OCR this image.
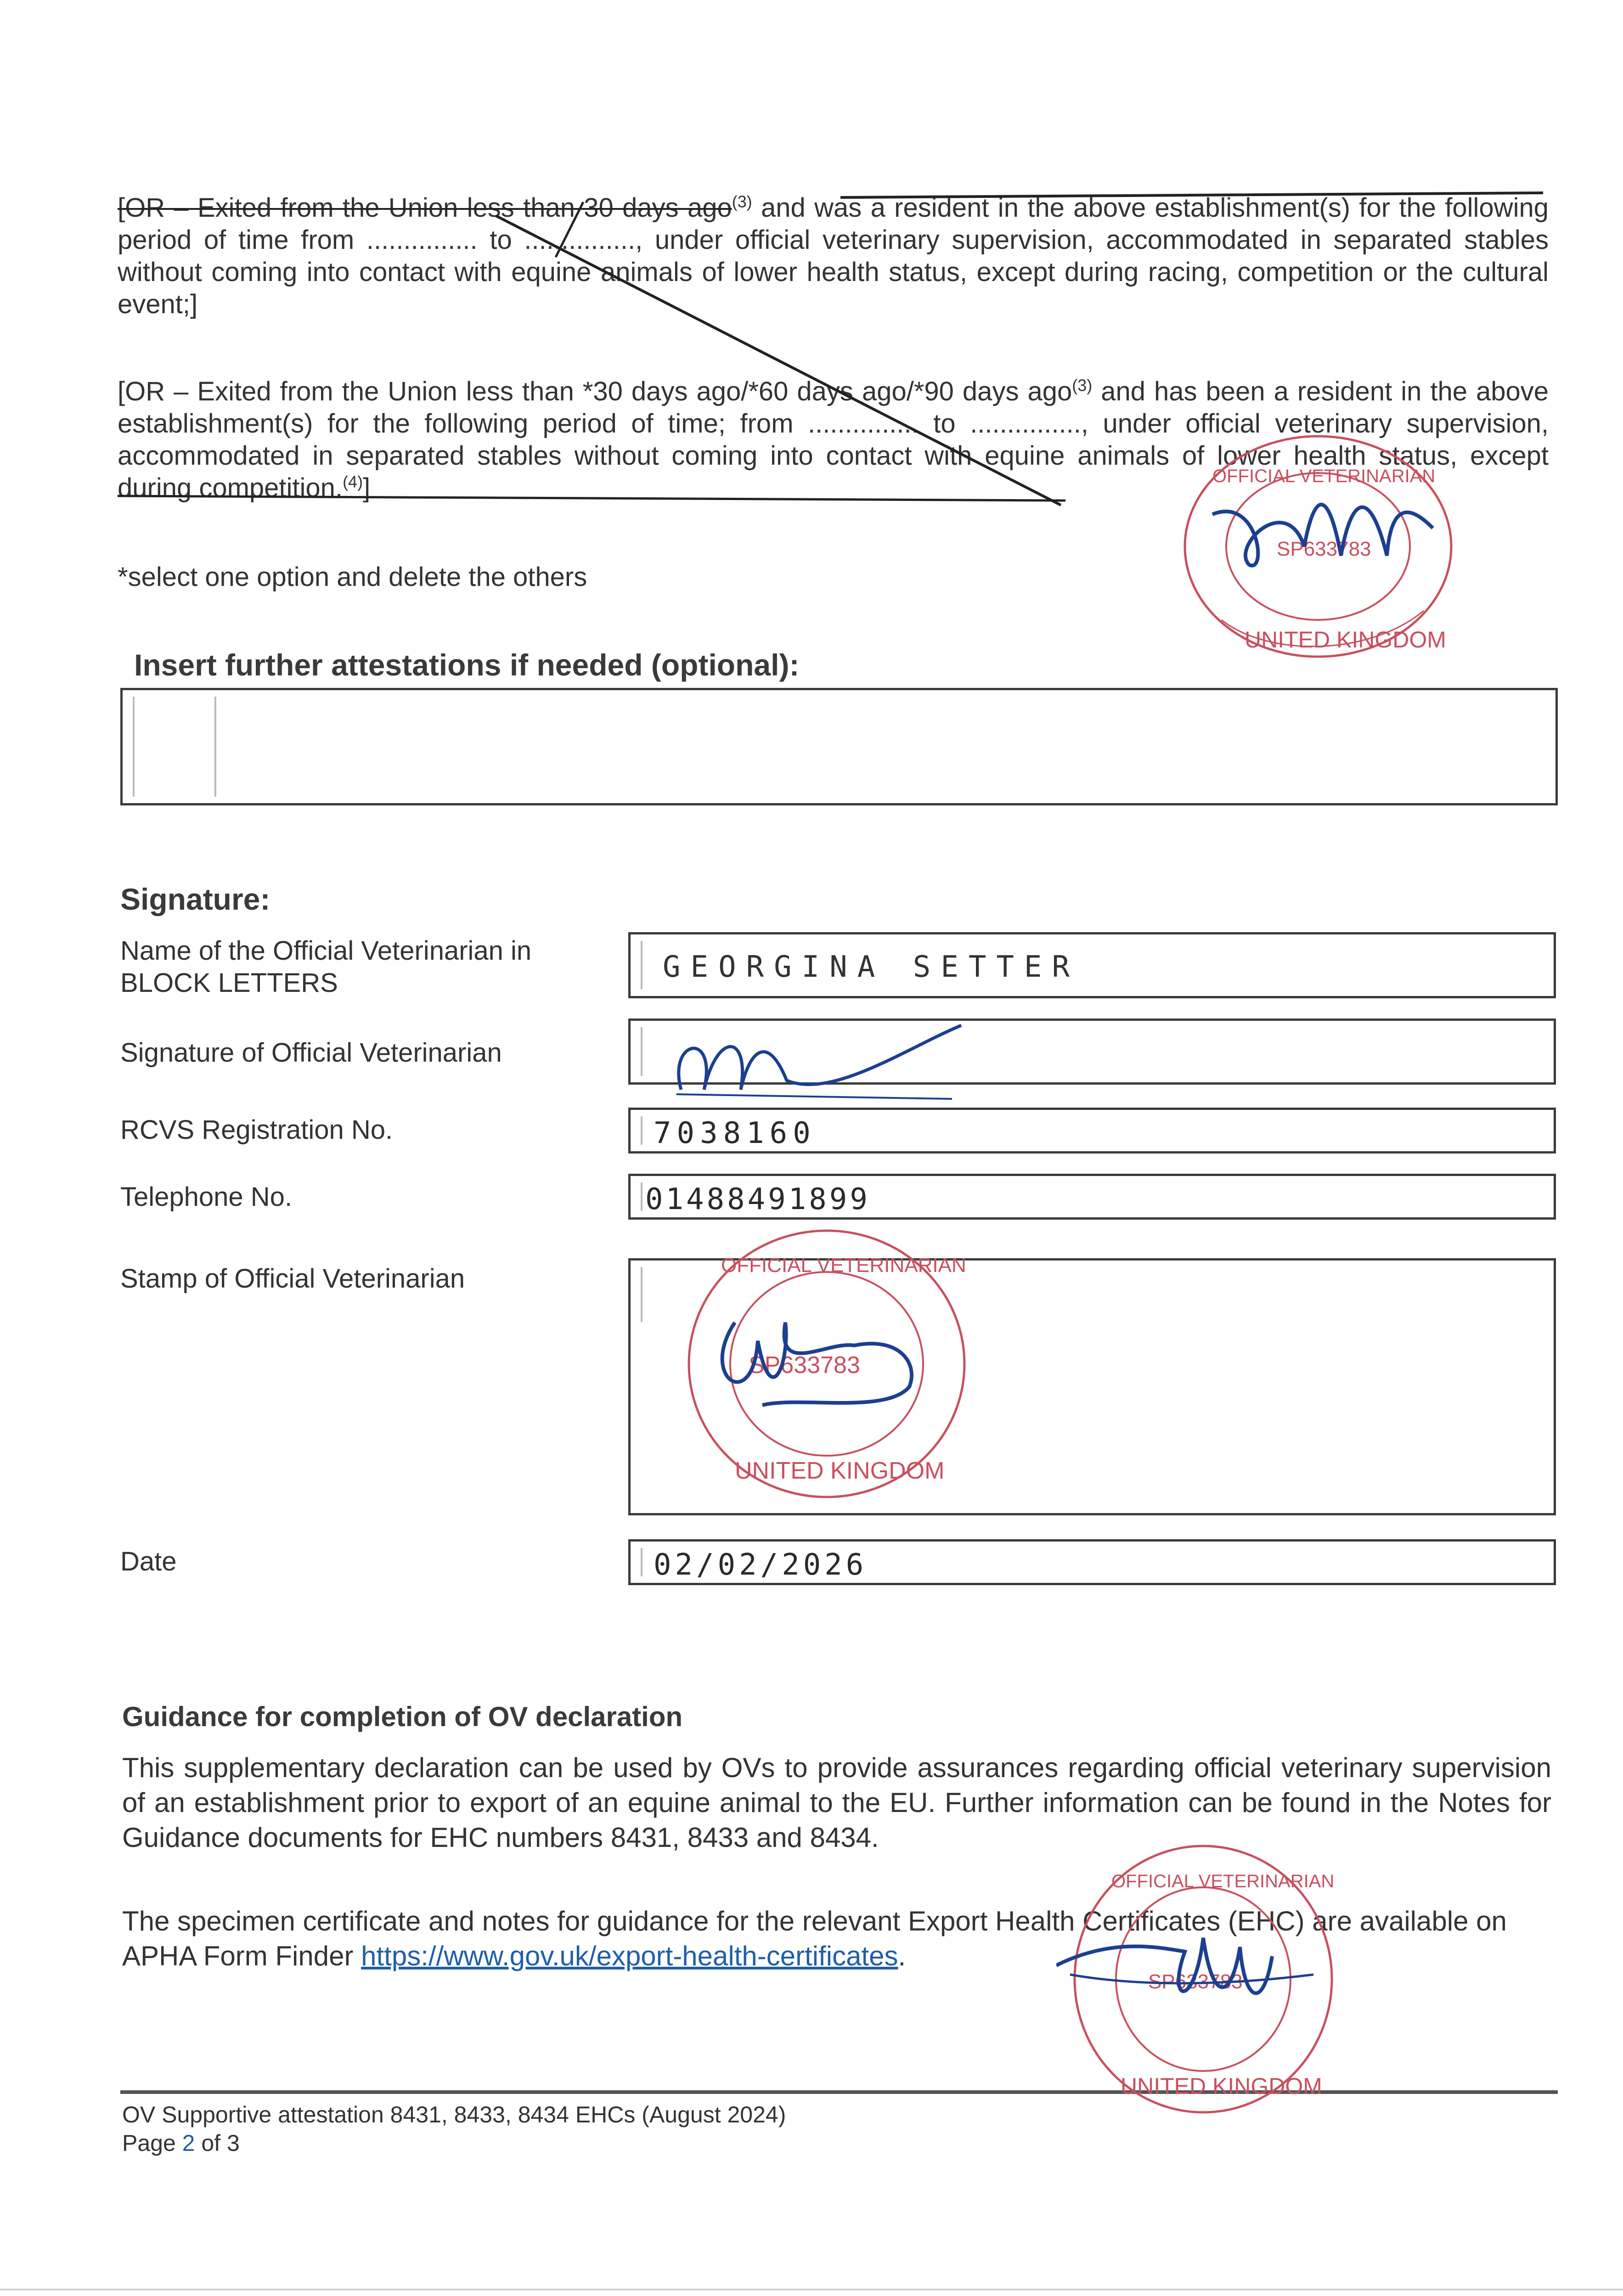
[OR – Exited from the Union less than 30 days ago$^{(3)}$ and was a resident in the above establishment(s) for the following period of time from ............... to ..............., under official veterinary supervision, accommodated in separated stables without coming into contact with equine animals of lower health status, except during racing, competition or the cultural event;]
[OR – Exited from the Union less than *30 days ago/*60 days ago/*90 days ago$^{(3)}$ and has been a resident in the above establishment(s) for the following period of time; from ............... to ..............., under official veterinary supervision, accommodated in separated stables without coming into contact with equine animals of lower health status, except during competition.$^{(4)}$]
*select one option and delete the others
Insert further attestations if needed (optional):
Signature:
Name of the Official Veterinarian in BLOCK LETTERS	GEORGINA SETTER
Signature of Official Veterinarian
RCVS Registration No.	7038160
Telephone No.	01488491899
Stamp of Official Veterinarian
Date	02/02/2026
Guidance for completion of OV declaration
This supplementary declaration can be used by OVs to provide assurances regarding official veterinary supervision of an establishment prior to export of an equine animal to the EU. Further information can be found in the Notes for Guidance documents for EHC numbers 8431, 8433 and 8434.
The specimen certificate and notes for guidance for the relevant Export Health Certificates (EHC) are available on APHA Form Finder https://www.gov.uk/export-health-certificates.
OV Supportive attestation 8431, 8433, 8434 EHCs (August 2024)
Page 2 of 3
UNITED KINGDOM
SP633783
OFFICIAL VETERINARIAN
OFFICIAL VETERINARIAN
SP633783
UNITED KINGDOM
OFFICIAL VETERINARIAN
SP633783
UNITED KINGDOM
